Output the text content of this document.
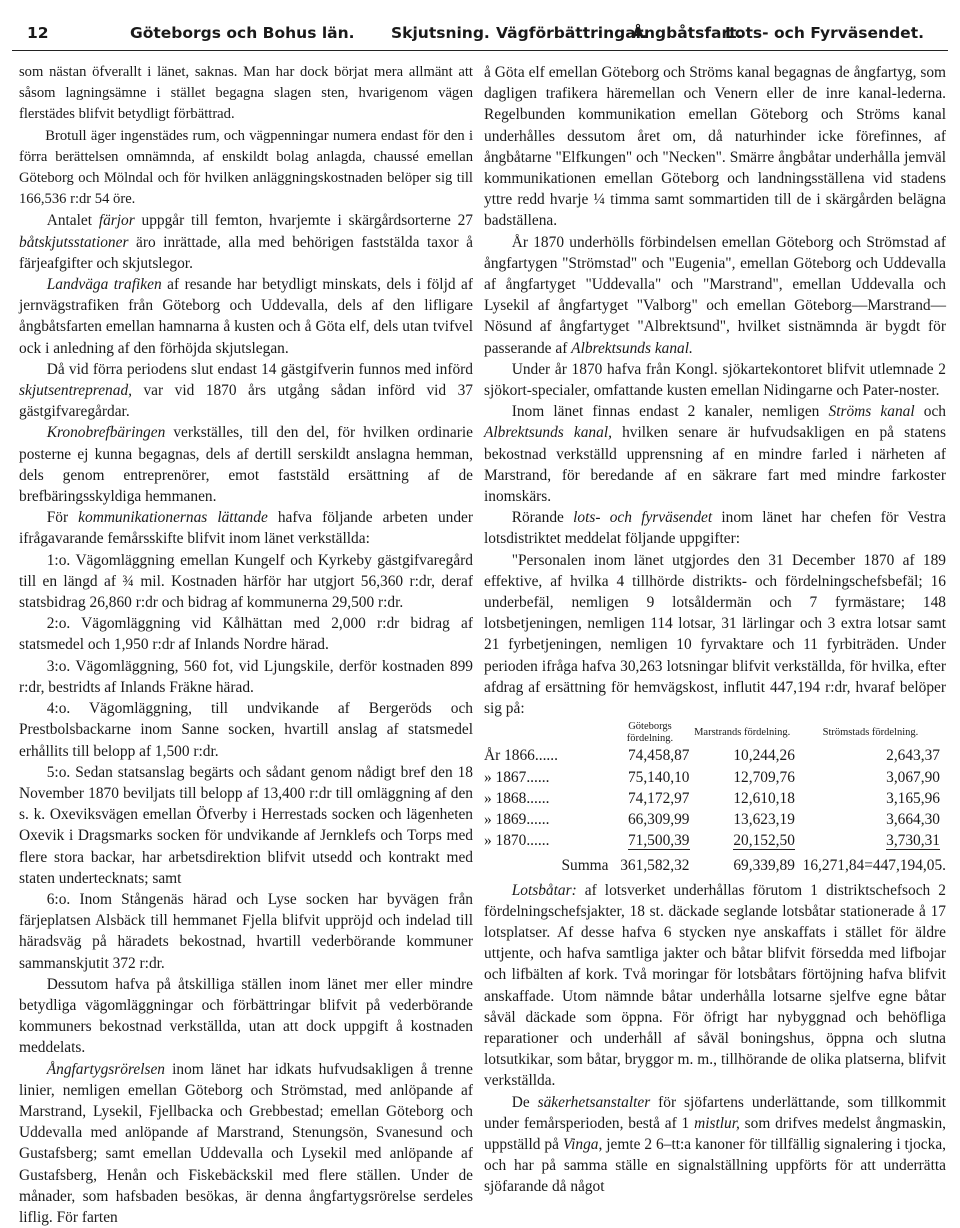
12	Göteborgs och Bohus län. Skjutsning. Vägförbättringar.
Ångbåtsfart.
Lots- och Fyrväsendet.

som nästan öfverallt i länet, saknas. Man har dock börjat mera allmänt att såsom lagningsämne i stället begagna slagen sten, hvarigenom vägen flerstädes blifvit betydligt förbättrad.

Brotull äger ingenstädes rum, och vägpenningar numera endast för den i förra berättelsen omnämnda, af enskildt bolag anlagda, chaussé emellan Göteborg och Mölndal och för hvilken anläggningskostnaden belöper sig till 166,536 r:dr 54 öre.

Antalet färjor uppgår till femton, hvarjemte i skärgårdsorterne 27 båtskjutsstationer äro inrättade, alla med behörigen faststälda taxor å färjeafgifter och skjutslegor.

Landväga trafiken af resande har betydligt minskats, dels i följd af jernvägstrafiken från Göteborg och Uddevalla, dels af den lifligare ångbåtsfarten emellan hamnarna å kusten och å Göta elf, dels utan tvifvel ock i anledning af den förhöjda skjutslegan.

Då vid förra periodens slut endast 14 gästgifverin funnos med införd skjutsentreprenad, var vid 1870 års utgång sådan införd vid 37 gästgifvaregårdar.

Kronobrefbäringen verkställes, till den del, för hvilken ordinarie posterne ej kunna begagnas, dels af dertill serskildt anslagna hemman, dels genom entreprenörer, emot faststäld ersättning af de brefbäringsskyldiga hemmanen.

För kommunikationernas lättande hafva följande arbeten under ifrågavarande femårsskifte blifvit inom länet verkställda:

1:o. Vägomläggning emellan Kungelf och Kyrkeby gästgifvaregård till en längd af ¾ mil. Kostnaden härför har utgjort 56,360 r:dr, deraf statsbidrag 26,860 r:dr och bidrag af kommunerna 29,500 r:dr.

2:o. Vägomläggning vid Kålhättan med 2,000 r:dr bidrag af statsmedel och 1,950 r:dr af Inlands Nordre härad.

3:o. Vägomläggning, 560 fot, vid Ljungskile, derför kostnaden 899 r:dr, bestridts af Inlands Fräkne härad.

4:o. Vägomläggning, till undvikande af Bergeröds och Prestbolsbackarne inom Sanne socken, hvartill anslag af statsmedel erhållits till belopp af 1,500 r:dr.

5:o. Sedan statsanslag begärts och sådant genom nådigt bref den 18 November 1870 beviljats till belopp af 13,400 r:dr till omläggning af den s. k. Oxeviksvägen emellan Öfverby i Herrestads socken och lägenheten Oxevik i Dragsmarks socken för undvikande af Jernklefs och Torps med flere stora backar, har arbetsdirektion blifvit utsedd och kontrakt med staten undertecknats; samt

6:o. Inom Stångenäs härad och Lyse socken har byvägen från färjeplatsen Alsbäck till hemmanet Fjella blifvit uppröjd och indelad till häradsväg på häradets bekostnad, hvartill vederbörande kommuner sammanskjutit 372 r:dr.

Dessutom hafva på åtskilliga ställen inom länet mer eller mindre betydliga vägomläggningar och förbättringar blifvit på vederbörande kommuners bekostnad verkställda, utan att dock uppgift å kostnaden meddelats.

Ångfartygsrörelsen inom länet har idkats hufvudsakligen å trenne linier, nemligen emellan Göteborg och Strömstad, med anlöpande af Marstrand, Lysekil, Fjellbacka och Grebbestad; emellan Göteborg och Uddevalla med anlöpande af Marstrand, Stenungsön, Svanesund och Gustafsberg; samt emellan Uddevalla och Lysekil med anlöpande af Gustafsberg, Henån och Fiskebäckskil med flere ställen. Under de månader, som hafsbaden besökas, är denna ångfartygsrörelse serdeles liflig. För farten

å Göta elf emellan Göteborg och Ströms kanal begagnas de ångfartyg, som dagligen trafikera häremellan och Venern eller de inre kanal-lederna. Regelbunden kommunikation emellan Göteborg och Ströms kanal underhålles dessutom året om, då naturhinder icke förefinnes, af ångbåtarne "Elfkungen" och "Necken". Smärre ångbåtar underhålla jemväl kommunikationen emellan Göteborg och landningsställena vid stadens yttre redd hvarje ¼ timma samt sommartiden till de i skärgården belägna badställena.

År 1870 underhölls förbindelsen emellan Göteborg och Strömstad af ångfartygen "Strömstad" och "Eugenia", emellan Göteborg och Uddevalla af ångfartyget "Uddevalla" och "Marstrand", emellan Uddevalla och Lysekil af ångfartyget "Valborg" och emellan Göteborg—Marstrand—Nösund af ångfartyget "Albrektsund", hvilket sistnämnda är bygdt för passerande af Albrektsunds kanal.

Under år 1870 hafva från Kongl. sjökartekontoret blifvit utlemnade 2 sjökort-specialer, omfattande kusten emellan Nidingarne och Pater-noster.

Inom länet finnas endast 2 kanaler, nemligen Ströms kanal och Albrektsunds kanal, hvilken senare är hufvudsakligen en på statens bekostnad verkställd upprensning af en mindre farled i närheten af Marstrand, för beredande af en säkrare fart med mindre farkoster inomskärs.

Rörande lots- och fyrväsendet inom länet har chefen för Vestra lotsdistriktet meddelat följande uppgifter:

"Personalen inom länet utgjordes den 31 December 1870 af 189 effektive, af hvilka 4 tillhörde distrikts- och fördelningschefsbefäl; 16 underbefäl, nemligen 9 lotsåldermän och 7 fyrmästare; 148 lotsbetjeningen, nemligen 114 lotsar, 31 lärlingar och 3 extra lotsar samt 21 fyrbetjeningen, nemligen 10 fyrvaktare och 11 fyrbiträden. Under perioden ifråga hafva 30,263 lotsningar blifvit verkställda, för hvilka, efter afdrag af ersättning för hemvägskost, influtit 447,194 r:dr, hvaraf belöper sig på:

	Göteborgs fördelning.	Marstrands fördelning.	Strömstads fördelning.
År 1866......	74,458,87	10,244,26	2,643,37
» 1867......	75,140,10	12,709,76	3,067,90
» 1868......	74,172,97	12,610,18	3,165,96
» 1869......	66,309,99	13,623,19	3,664,30
» 1870......	71,500,39	20,152,50	3,730,31
Summa	361,582,32	69,339,89	16,271,84=447,194,05.

Lotsbåtar: af lotsverket underhållas förutom 1 distriktschefsoch 2 fördelningschefsjakter, 18 st. däckade seglande lotsbåtar stationerade å 17 lotsplatser. Af desse hafva 6 stycken nye anskaffats i stället för äldre uttjente, och hafva samtliga jakter och båtar blifvit försedda med lifbojar och lifbälten af kork. Två moringar för lotsbåtars förtöjning hafva blifvit anskaffade. Utom nämnde båtar underhålla lotsarne sjelfve egne båtar såväl däckade som öppna. För öfrigt har nybyggnad och behöfliga reparationer och underhåll af såväl boningshus, öppna och slutna lotsutkikar, som båtar, bryggor m. m., tillhörande de olika platserna, blifvit verkställda.

De säkerhetsanstalter för sjöfartens underlättande, som tillkommit under femårsperioden, bestå af 1 mistlur, som drifves medelst ångmaskin, uppställd på Vinga, jemte 2 6–tt:a kanoner för tillfällig signalering i tjocka, och har på samma ställe en signalställning uppförts för att underrätta sjöfarande då något
